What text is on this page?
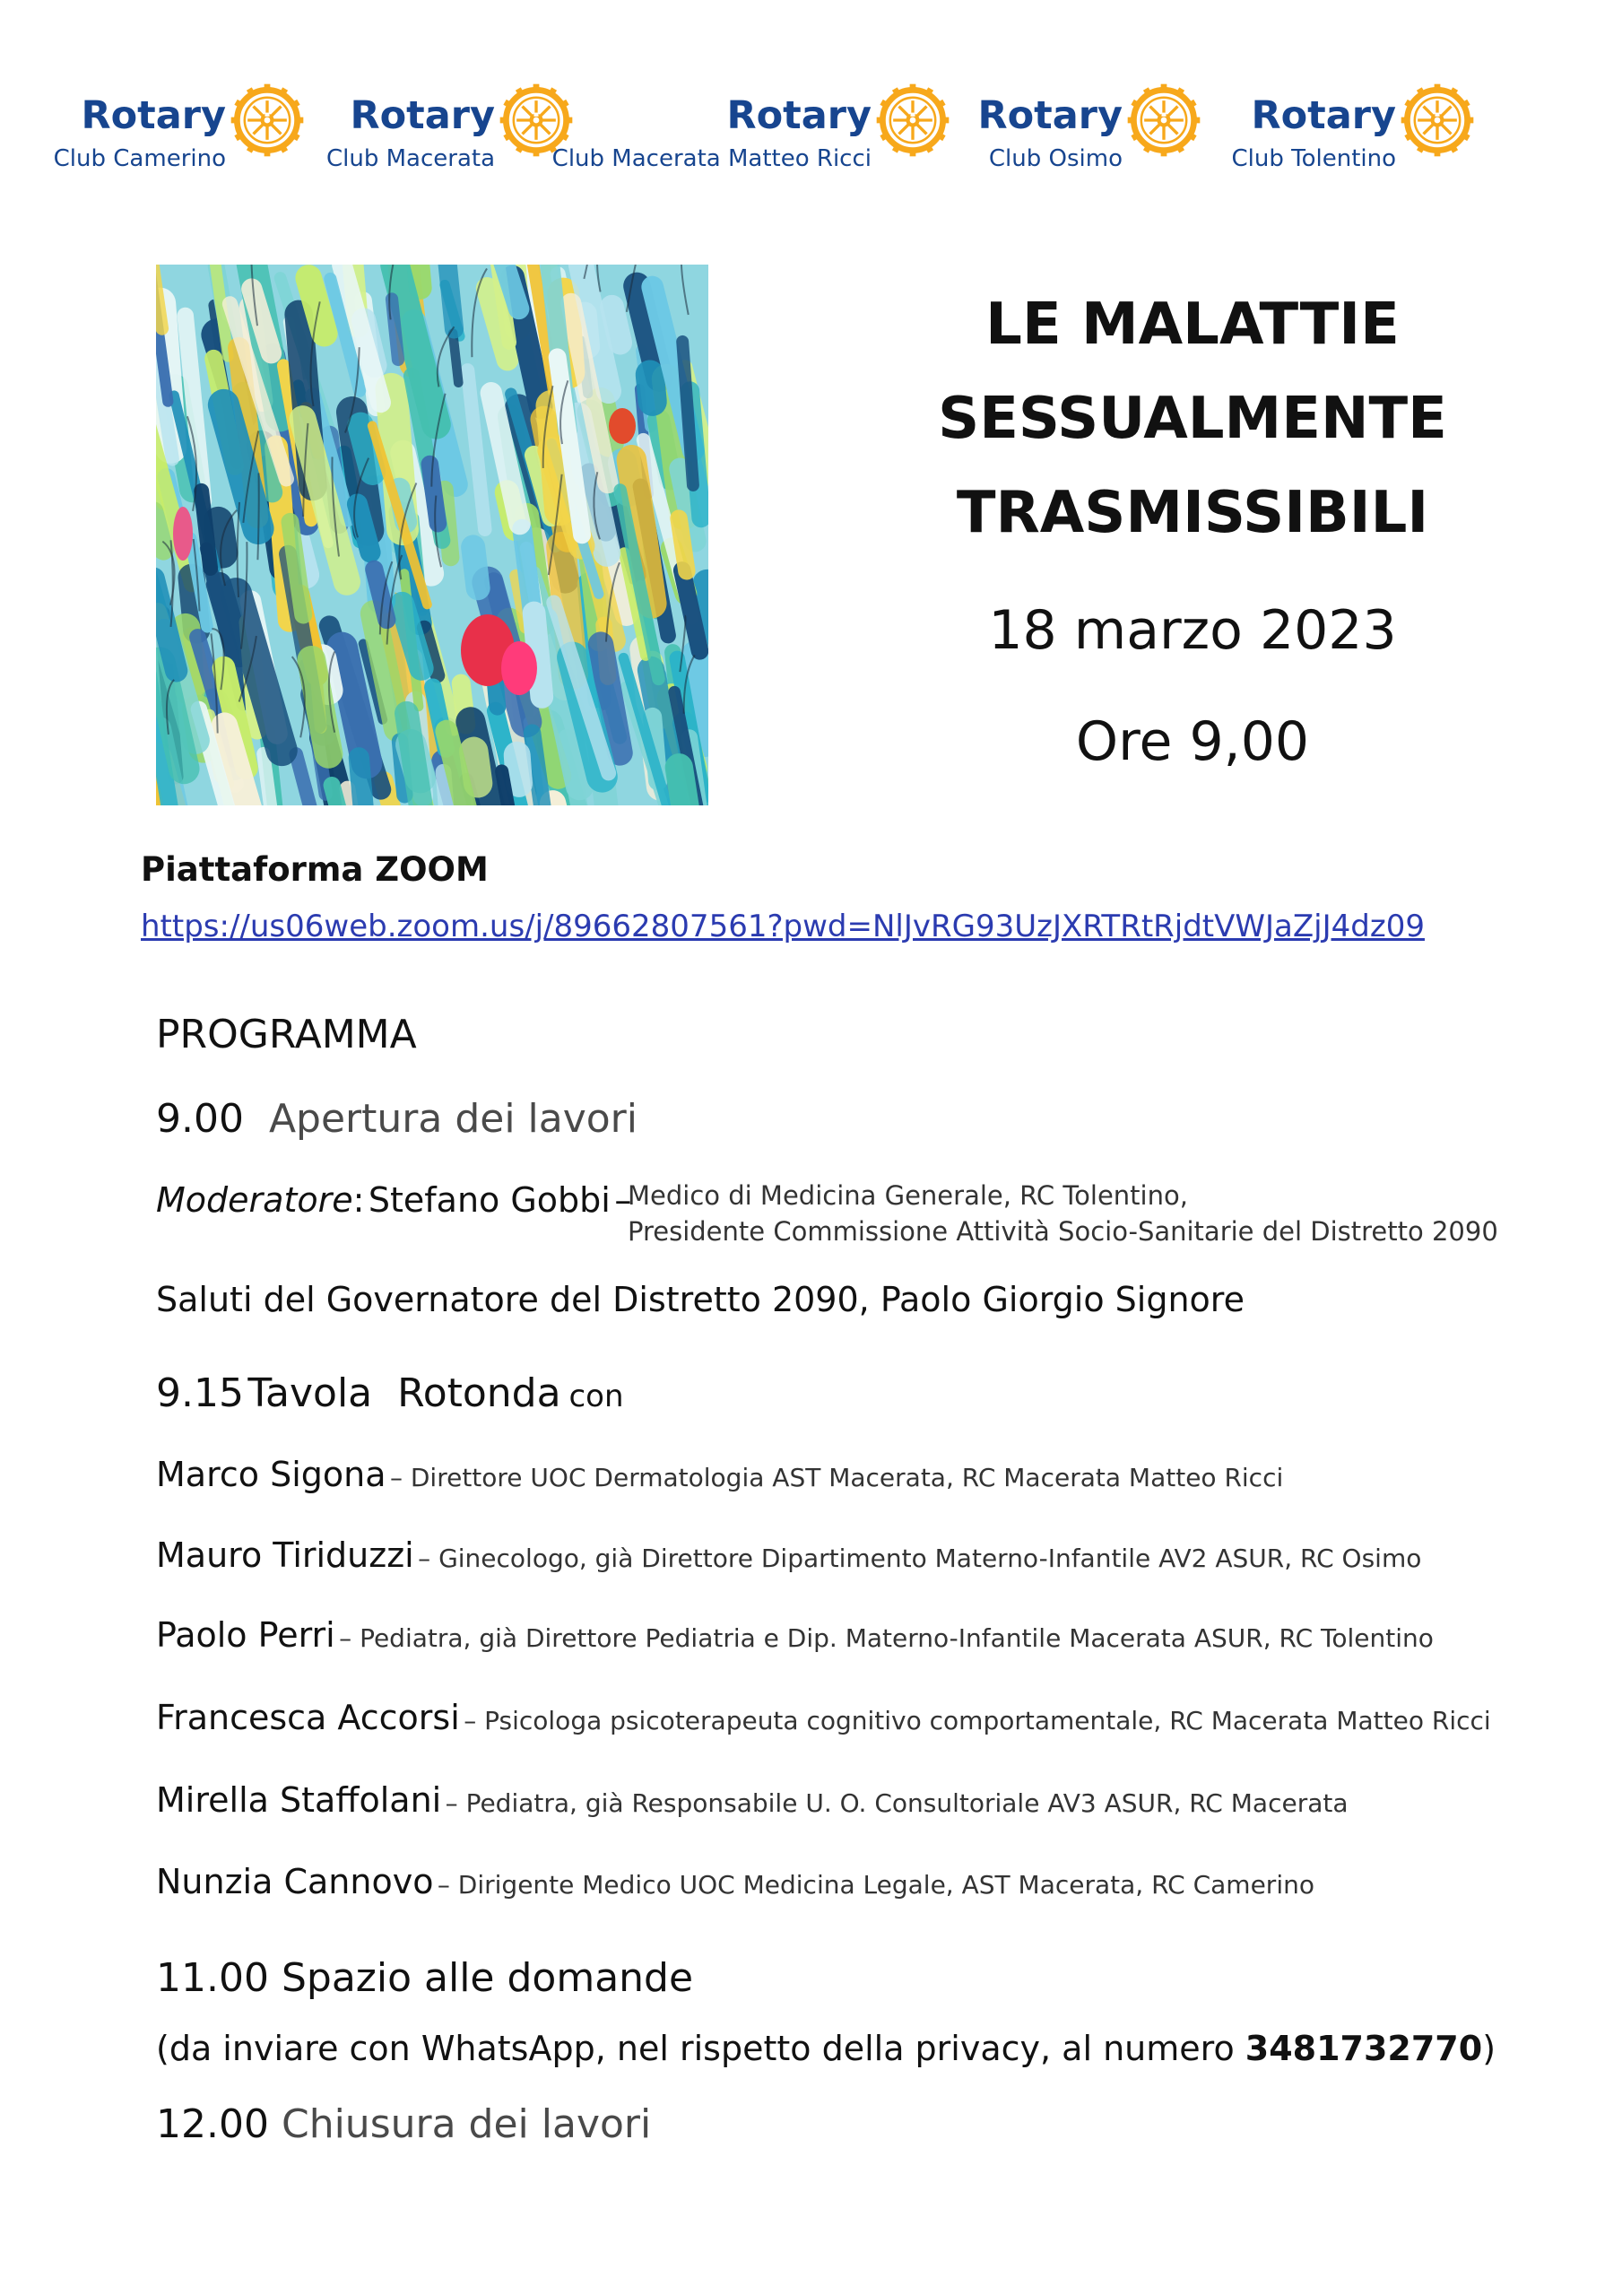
Rotary
Club Camerino
Rotary
Club Macerata
Rotary
Club Macerata Matteo Ricci
Rotary
Club Osimo
Rotary
Club Tolentino
LE MALATTIE
SESSUALMENTE
TRASMISSIBILI
18 marzo 2023
Ore 9,00
Piattaforma ZOOM
https://us06web.zoom.us/j/89662807561?pwd=NlJvRG93UzJXRTRtRjdtVWJaZjJ4dz09
PROGRAMMA
9.00 Apertura dei lavori
Moderatore: Stefano Gobbi –
Medico di Medicina Generale, RC Tolentino,
Presidente Commissione Attività Socio-Sanitarie del Distretto 2090
Saluti del Governatore del Distretto 2090, Paolo Giorgio Signore
9.15 Tavola  Rotonda con
Marco Sigona – Direttore UOC Dermatologia AST Macerata, RC Macerata Matteo Ricci
Mauro Tiriduzzi – Ginecologo, già Direttore Dipartimento Materno-Infantile AV2 ASUR, RC Osimo
Paolo Perri – Pediatra, già Direttore Pediatria e Dip. Materno-Infantile Macerata ASUR, RC Tolentino
Francesca Accorsi – Psicologa psicoterapeuta cognitivo comportamentale, RC Macerata Matteo Ricci
Mirella Staffolani – Pediatra, già Responsabile U. O. Consultoriale AV3 ASUR, RC Macerata
Nunzia Cannovo – Dirigente Medico UOC Medicina Legale, AST Macerata, RC Camerino
11.00 Spazio alle domande
(da inviare con WhatsApp, nel rispetto della privacy, al numero 3481732770)
12.00 Chiusura dei lavori
